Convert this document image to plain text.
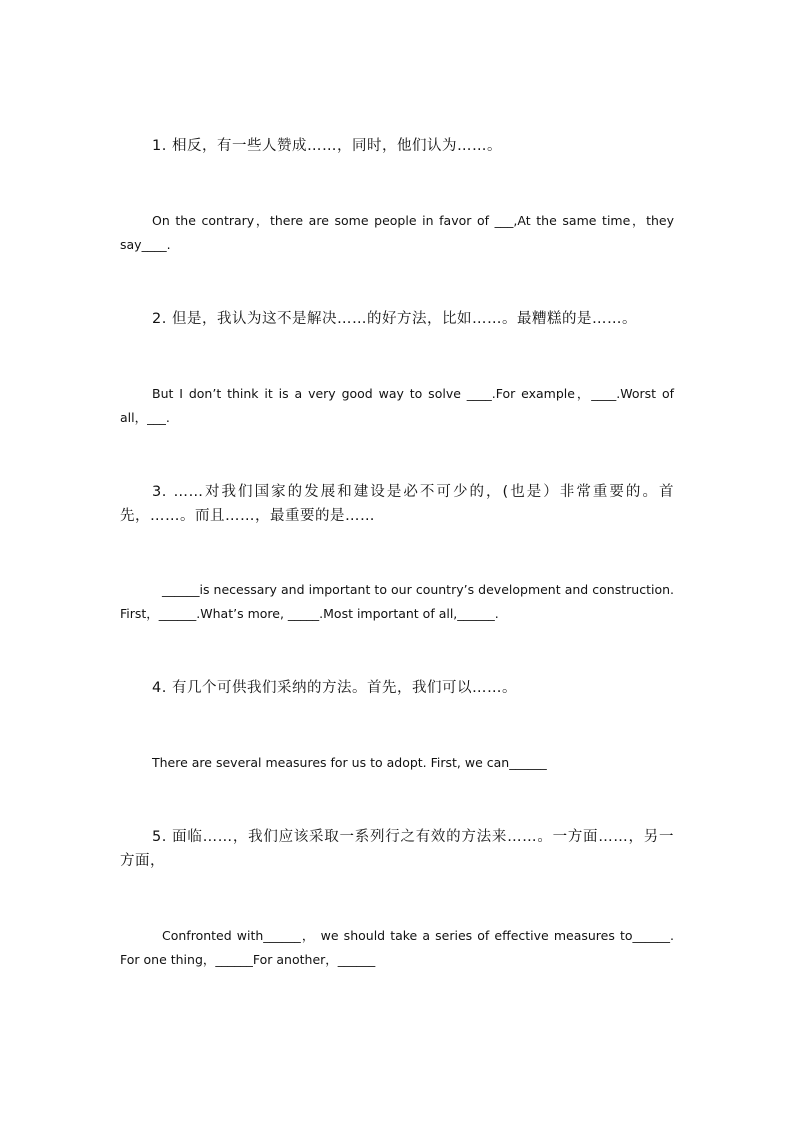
1. 相反，有一些人赞成……，同时，他们认为……。

On the contrary，there are some people in favor of ___,At the same time，they say____.

2. 但是，我认为这不是解决……的好方法，比如……。最糟糕的是……。

But I don’t think it is a very good way to solve ____.For example，____.Worst of all，___.

3. ……对我们国家的发展和建设是必不可少的，(也是）非常重要的。首先，……。而且……，最重要的是……

______is necessary and important to our country’s development and construction. First，______.What’s more, _____.Most important of all,______.

4. 有几个可供我们采纳的方法。首先，我们可以……。

There are several measures for us to adopt. First, we can______

5. 面临……，我们应该采取一系列行之有效的方法来……。一方面……，另一方面，

Confronted with______， we should take a series of effective measures to______. For one thing，______For another，______
